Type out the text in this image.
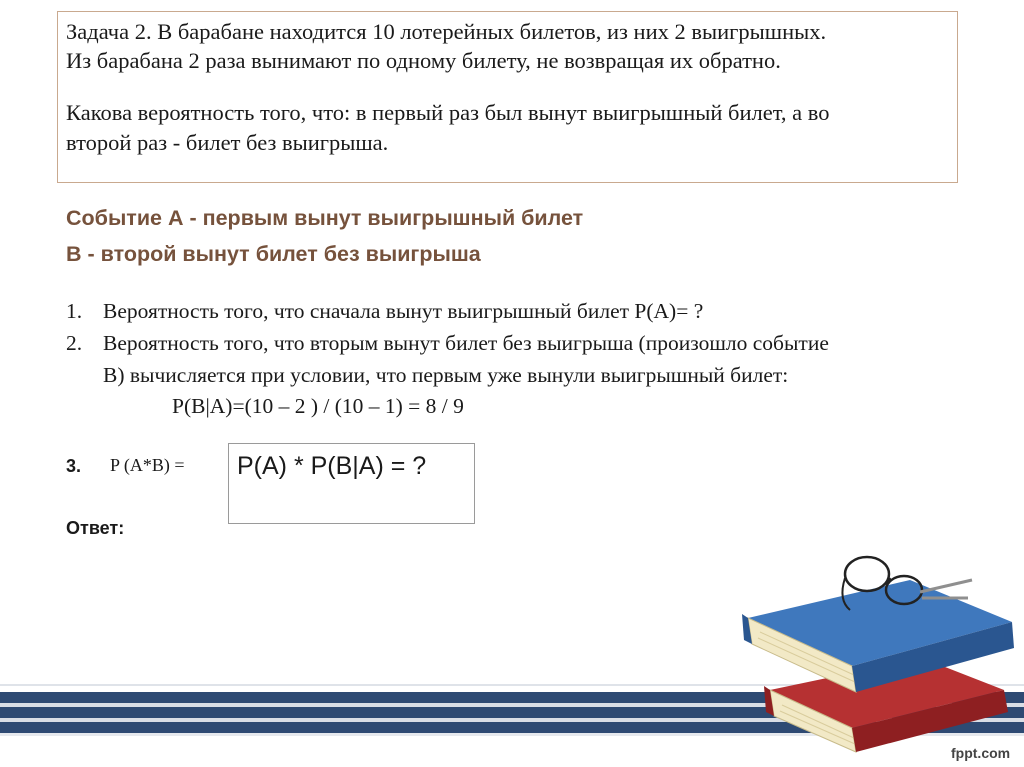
Задача 2. В барабане находится 10 лотерейных билетов, из них 2 выигрышных.
Из барабана 2 раза вынимают по одному билету, не возвращая их обратно.
Какова вероятность того, что: в первый раз был вынут выигрышный билет, а во
второй раз - билет без выигрыша.
Событие А - первым вынут выигрышный билет
В - второй вынут билет без выигрыша
1. Вероятность того, что сначала вынут выигрышный билет P(A)= ?
2. Вероятность того, что вторым вынут билет без выигрыша (произошло событие
В) вычисляется при условии, что первым уже вынули выигрышный билет:
P(B|A)=(10 – 2 ) / (10 – 1) = 8 / 9
3. P (A*B) = P(A) * P(B|A) = ?
Ответ:
fppt.com
